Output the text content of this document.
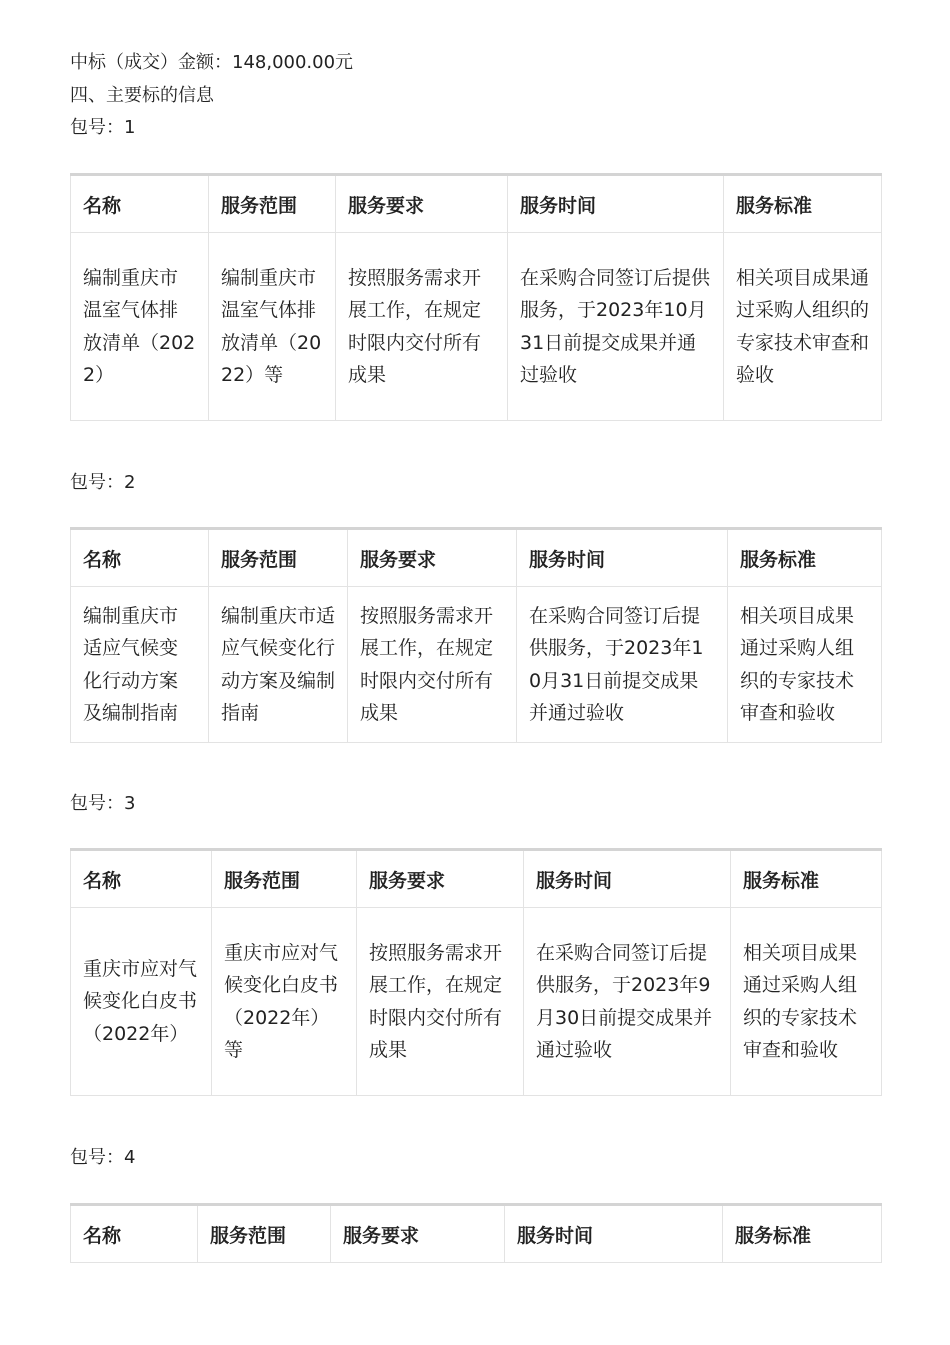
中标（成交）金额：148,000.00元
四、主要标的信息
包号：1
名称	服务范围	服务要求	服务时间	服务标准
编制重庆市温室气体排放清单（2022）	编制重庆市温室气体排放清单（2022）等	按照服务需求开展工作，在规定时限内交付所有成果	在采购合同签订后提供服务，于2023年10月31日前提交成果并通过验收	相关项目成果通过采购人组织的专家技术审查和验收
包号：2
名称	服务范围	服务要求	服务时间	服务标准
编制重庆市适应气候变化行动方案及编制指南	编制重庆市适应气候变化行动方案及编制指南	按照服务需求开展工作，在规定时限内交付所有成果	在采购合同签订后提供服务，于2023年10月31日前提交成果并通过验收	相关项目成果通过采购人组织的专家技术审查和验收
包号：3
名称	服务范围	服务要求	服务时间	服务标准
重庆市应对气候变化白皮书（2022年）	重庆市应对气候变化白皮书（2022年）等	按照服务需求开展工作，在规定时限内交付所有成果	在采购合同签订后提供服务，于2023年9月30日前提交成果并通过验收	相关项目成果通过采购人组织的专家技术审查和验收
包号：4
名称	服务范围	服务要求	服务时间	服务标准
